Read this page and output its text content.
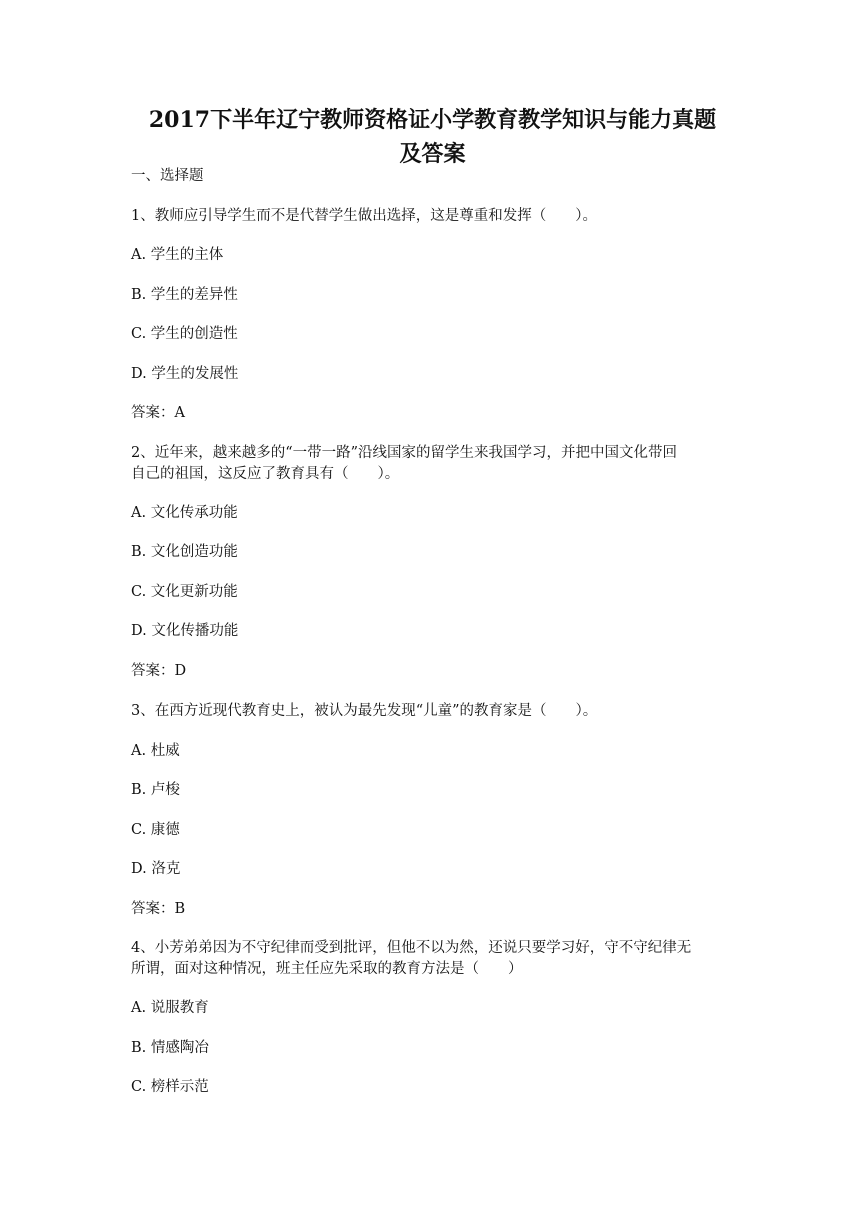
2017下半年辽宁教师资格证小学教育教学知识与能力真题
及答案

一、选择题

1、教师应引导学生而不是代替学生做出选择，这是尊重和发挥（　　）。

A. 学生的主体

B. 学生的差异性

C. 学生的创造性

D. 学生的发展性

答案：A

2、近年来，越来越多的“一带一路”沿线国家的留学生来我国学习，并把中国文化带回

自己的祖国，这反应了教育具有（　　）。

A. 文化传承功能

B. 文化创造功能

C. 文化更新功能

D. 文化传播功能

答案：D

3、在西方近现代教育史上，被认为最先发现“儿童”的教育家是（　　）。

A. 杜威

B. 卢梭

C. 康德

D. 洛克

答案：B

4、小芳弟弟因为不守纪律而受到批评，但他不以为然，还说只要学习好，守不守纪律无

所谓，面对这种情况，班主任应先采取的教育方法是（　　）

A. 说服教育

B. 情感陶冶

C. 榜样示范
